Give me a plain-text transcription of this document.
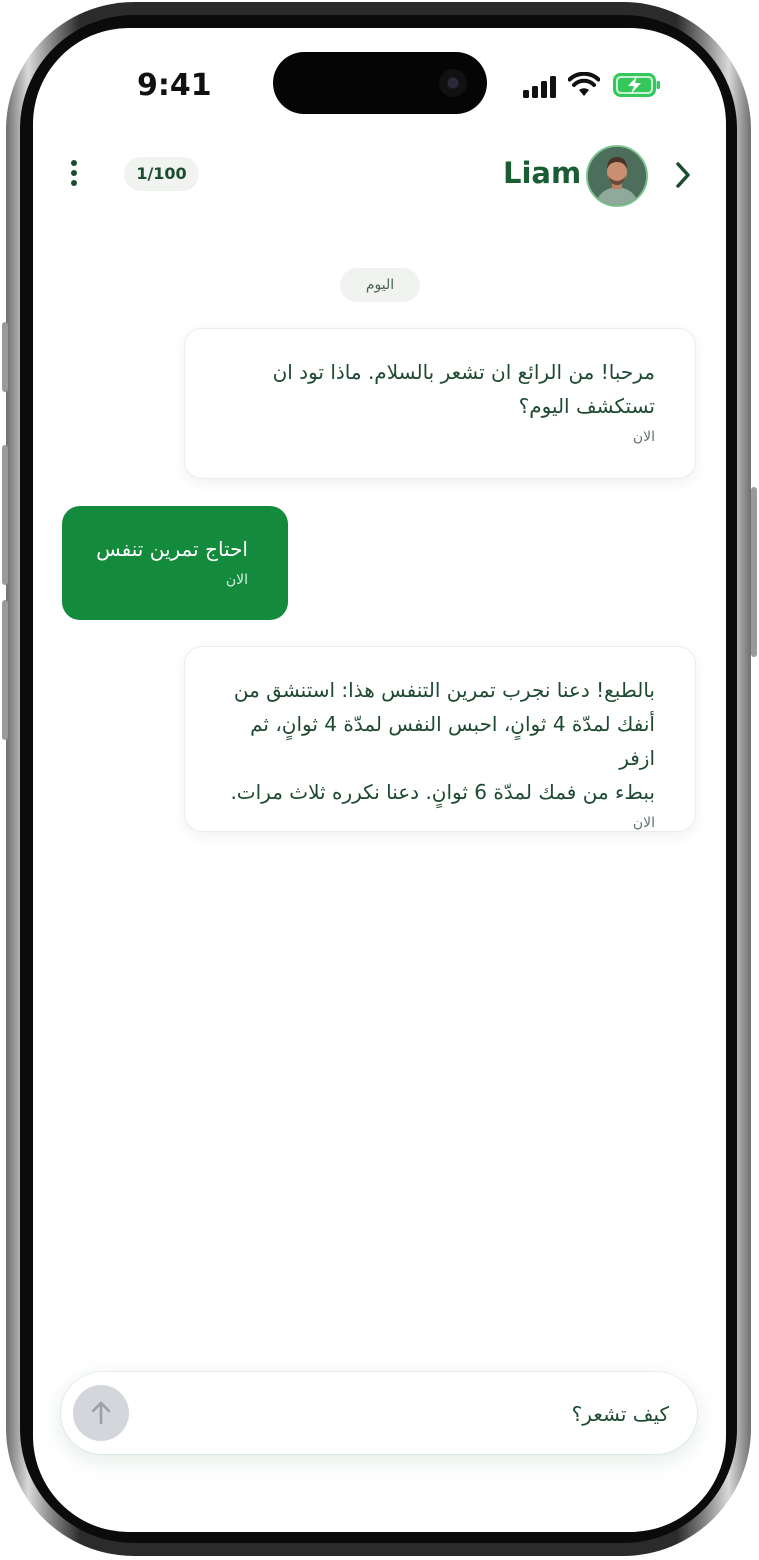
9:41
1/100	Liam
اليوم
مرحبا! من الرائع ان تشعر بالسلام. ماذا تود ان
تستكشف اليوم؟
الان
احتاج تمرين تنفس
الان
بالطبع! دعنا نجرب تمرين التنفس هذا: استنشق من
أنفك لمدّة 4 ثوانٍ، احبس النفس لمدّة 4 ثوانٍ، ثم ازفر
ببطء من فمك لمدّة 6 ثوانٍ. دعنا نكرره ثلاث مرات.
الان
كيف تشعر؟
